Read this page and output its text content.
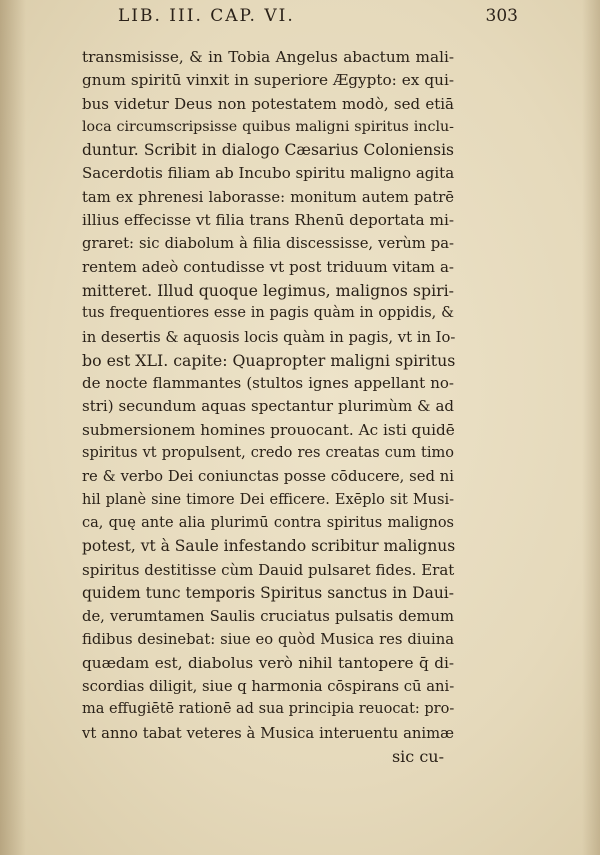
LIB. III. CAP. VI.	303
transmisisse, & in Tobia Angelus abactum mali-
gnum spiritū vinxit in superiore Ægypto: ex qui-
bus videtur Deus non potestatem modò, sed etiā
loca circumscripsisse quibus maligni spiritus inclu-
duntur. Scribit in dialogo Cæsarius Coloniensis
Sacerdotis filiam ab Incubo spiritu maligno agita
tam ex phrenesi laborasse: monitum autem patrē
illius effecisse vt filia trans Rhenū deportata mi-
graret: sic diabolum à filia discessisse, verùm pa-
rentem adeò contudisse vt post triduum vitam a-
mitteret. Illud quoque legimus, malignos spiri-
tus frequentiores esse in pagis quàm in oppidis, &
in desertis & aquosis locis quàm in pagis, vt in Io-
bo est XLI. capite: Quapropter maligni spiritus
de nocte flammantes (stultos ignes appellant no-
stri) secundum aquas spectantur plurimùm & ad
submersionem homines prouocant. Ac isti quidē
spiritus vt propulsent, credo res creatas cum timo
re & verbo Dei coniunctas posse cōducere, sed ni
hil planè sine timore Dei efficere. Exēplo sit Musi-
ca, quę ante alia plurimū contra spiritus malignos
potest, vt à Saule infestando scribitur malignus
spiritus destitisse cùm Dauid pulsaret fides. Erat
quidem tunc temporis Spiritus sanctus in Daui-
de, verumtamen Saulis cruciatus pulsatis demum
fidibus desinebat: siue eo quòd Musica res diuina
quædam est, diabolus verò nihil tantopere q̄ di-
scordias diligit, siue q harmonia cōspirans cū ani-
ma effugiētē rationē ad sua principia reuocat: pro-
vt anno tabat veteres à Musica interuentu animæ
sic cu-
